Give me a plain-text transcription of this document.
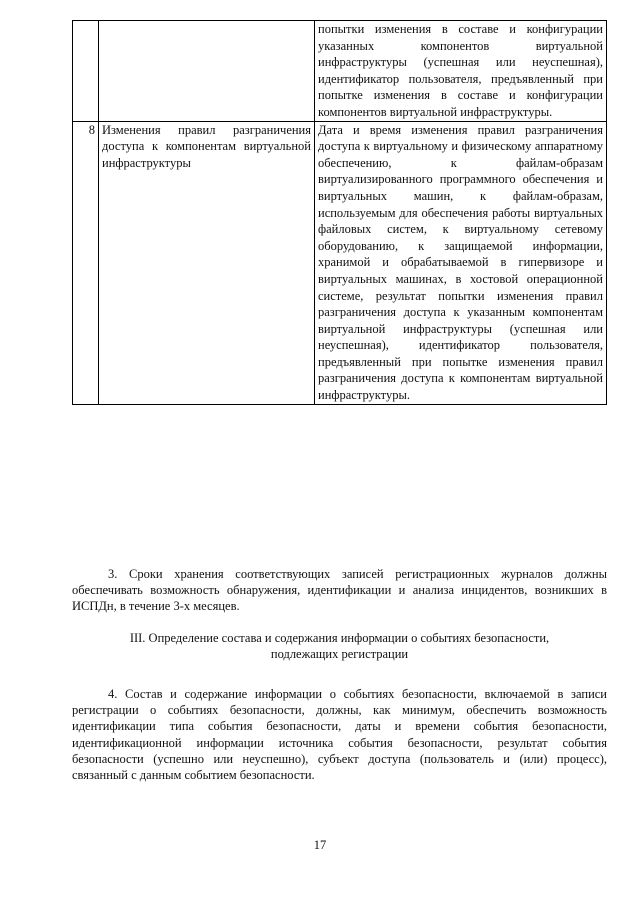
		попытки изменения в составе и конфигурации указанных компонентов виртуальной инфраструктуры (успешная или неуспешная), идентификатор пользователя, предъявленный при попытке изменения в составе и конфигурации компонентов виртуальной инфраструктуры.
8	Изменения правил разграничения доступа к компонентам виртуальной инфраструктуры	Дата и время изменения правил разграничения доступа к виртуальному и физическому аппаратному обеспечению, к файлам-образам виртуализированного программного обеспечения и виртуальных машин, к файлам-образам, используемым для обеспечения работы виртуальных файловых систем, к виртуальному сетевому оборудованию, к защищаемой информации, хранимой и обрабатываемой в гипервизоре и виртуальных машинах, в хостовой операционной системе, результат попытки изменения правил разграничения доступа к указанным компонентам виртуальной инфраструктуры (успешная или неуспешная), идентификатор пользователя, предъявленный при попытке изменения правил разграничения доступа к компонентам виртуальной инфраструктуры.

3. Сроки хранения соответствующих записей регистрационных журналов должны обеспечивать возможность обнаружения, идентификации и анализа инцидентов, возникших в ИСПДн, в течение 3-х месяцев.

III. Определение состава и содержания информации о событиях безопасности,
подлежащих регистрации

4. Состав и содержание информации о событиях безопасности, включаемой в записи регистрации о событиях безопасности, должны, как минимум, обеспечить возможность идентификации типа события безопасности, даты и времени события безопасности, идентификационной информации источника события безопасности, результат события безопасности (успешно или неуспешно), субъект доступа (пользователь и (или) процесс), связанный с данным событием безопасности.

17
